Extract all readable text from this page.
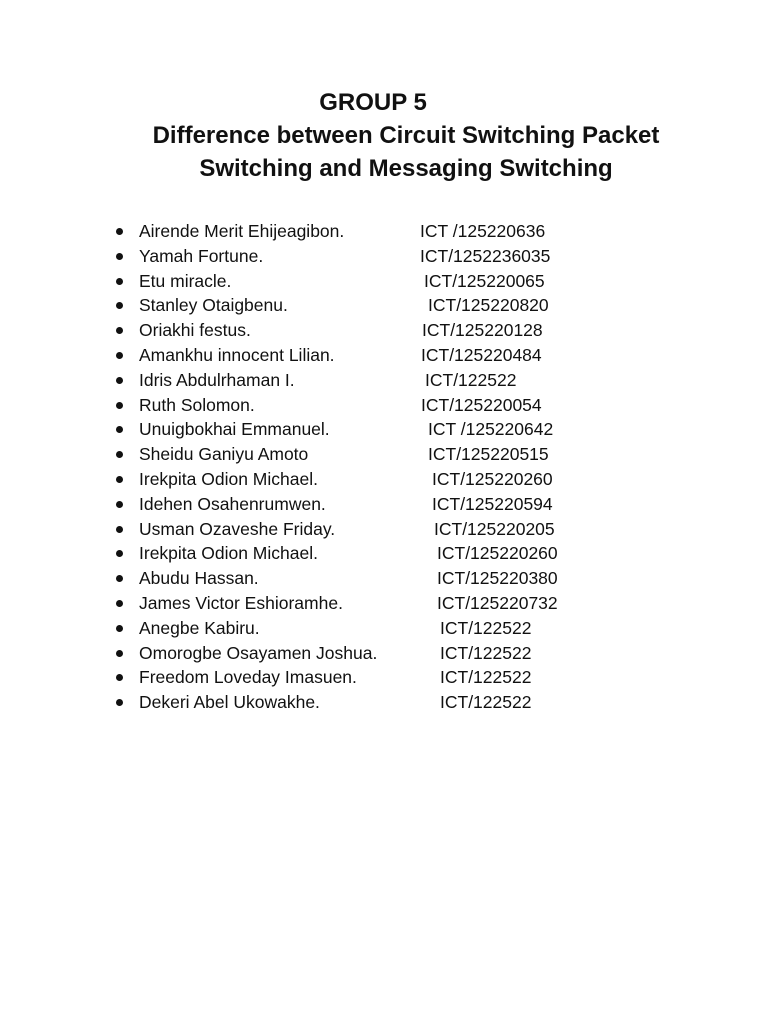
GROUP 5
Difference between Circuit Switching Packet
Switching and Messaging Switching
Airende Merit Ehijeagibon.	ICT /125220636
Yamah Fortune.	ICT/1252236035
Etu miracle.	ICT/125220065
Stanley Otaigbenu.	ICT/125220820
Oriakhi festus.	ICT/125220128
Amankhu innocent Lilian.	ICT/125220484
Idris Abdulrhaman I.	ICT/122522
Ruth Solomon.	ICT/125220054
Unuigbokhai Emmanuel.	ICT /125220642
Sheidu Ganiyu Amoto	ICT/125220515
Irekpita Odion Michael.	ICT/125220260
Idehen Osahenrumwen.	ICT/125220594
Usman Ozaveshe Friday.	ICT/125220205
Irekpita Odion Michael.	ICT/125220260
Abudu Hassan.	ICT/125220380
James Victor Eshioramhe.	ICT/125220732
Anegbe Kabiru.	ICT/122522
Omorogbe Osayamen Joshua.	ICT/122522
Freedom Loveday Imasuen.	ICT/122522
Dekeri Abel Ukowakhe.	ICT/122522
